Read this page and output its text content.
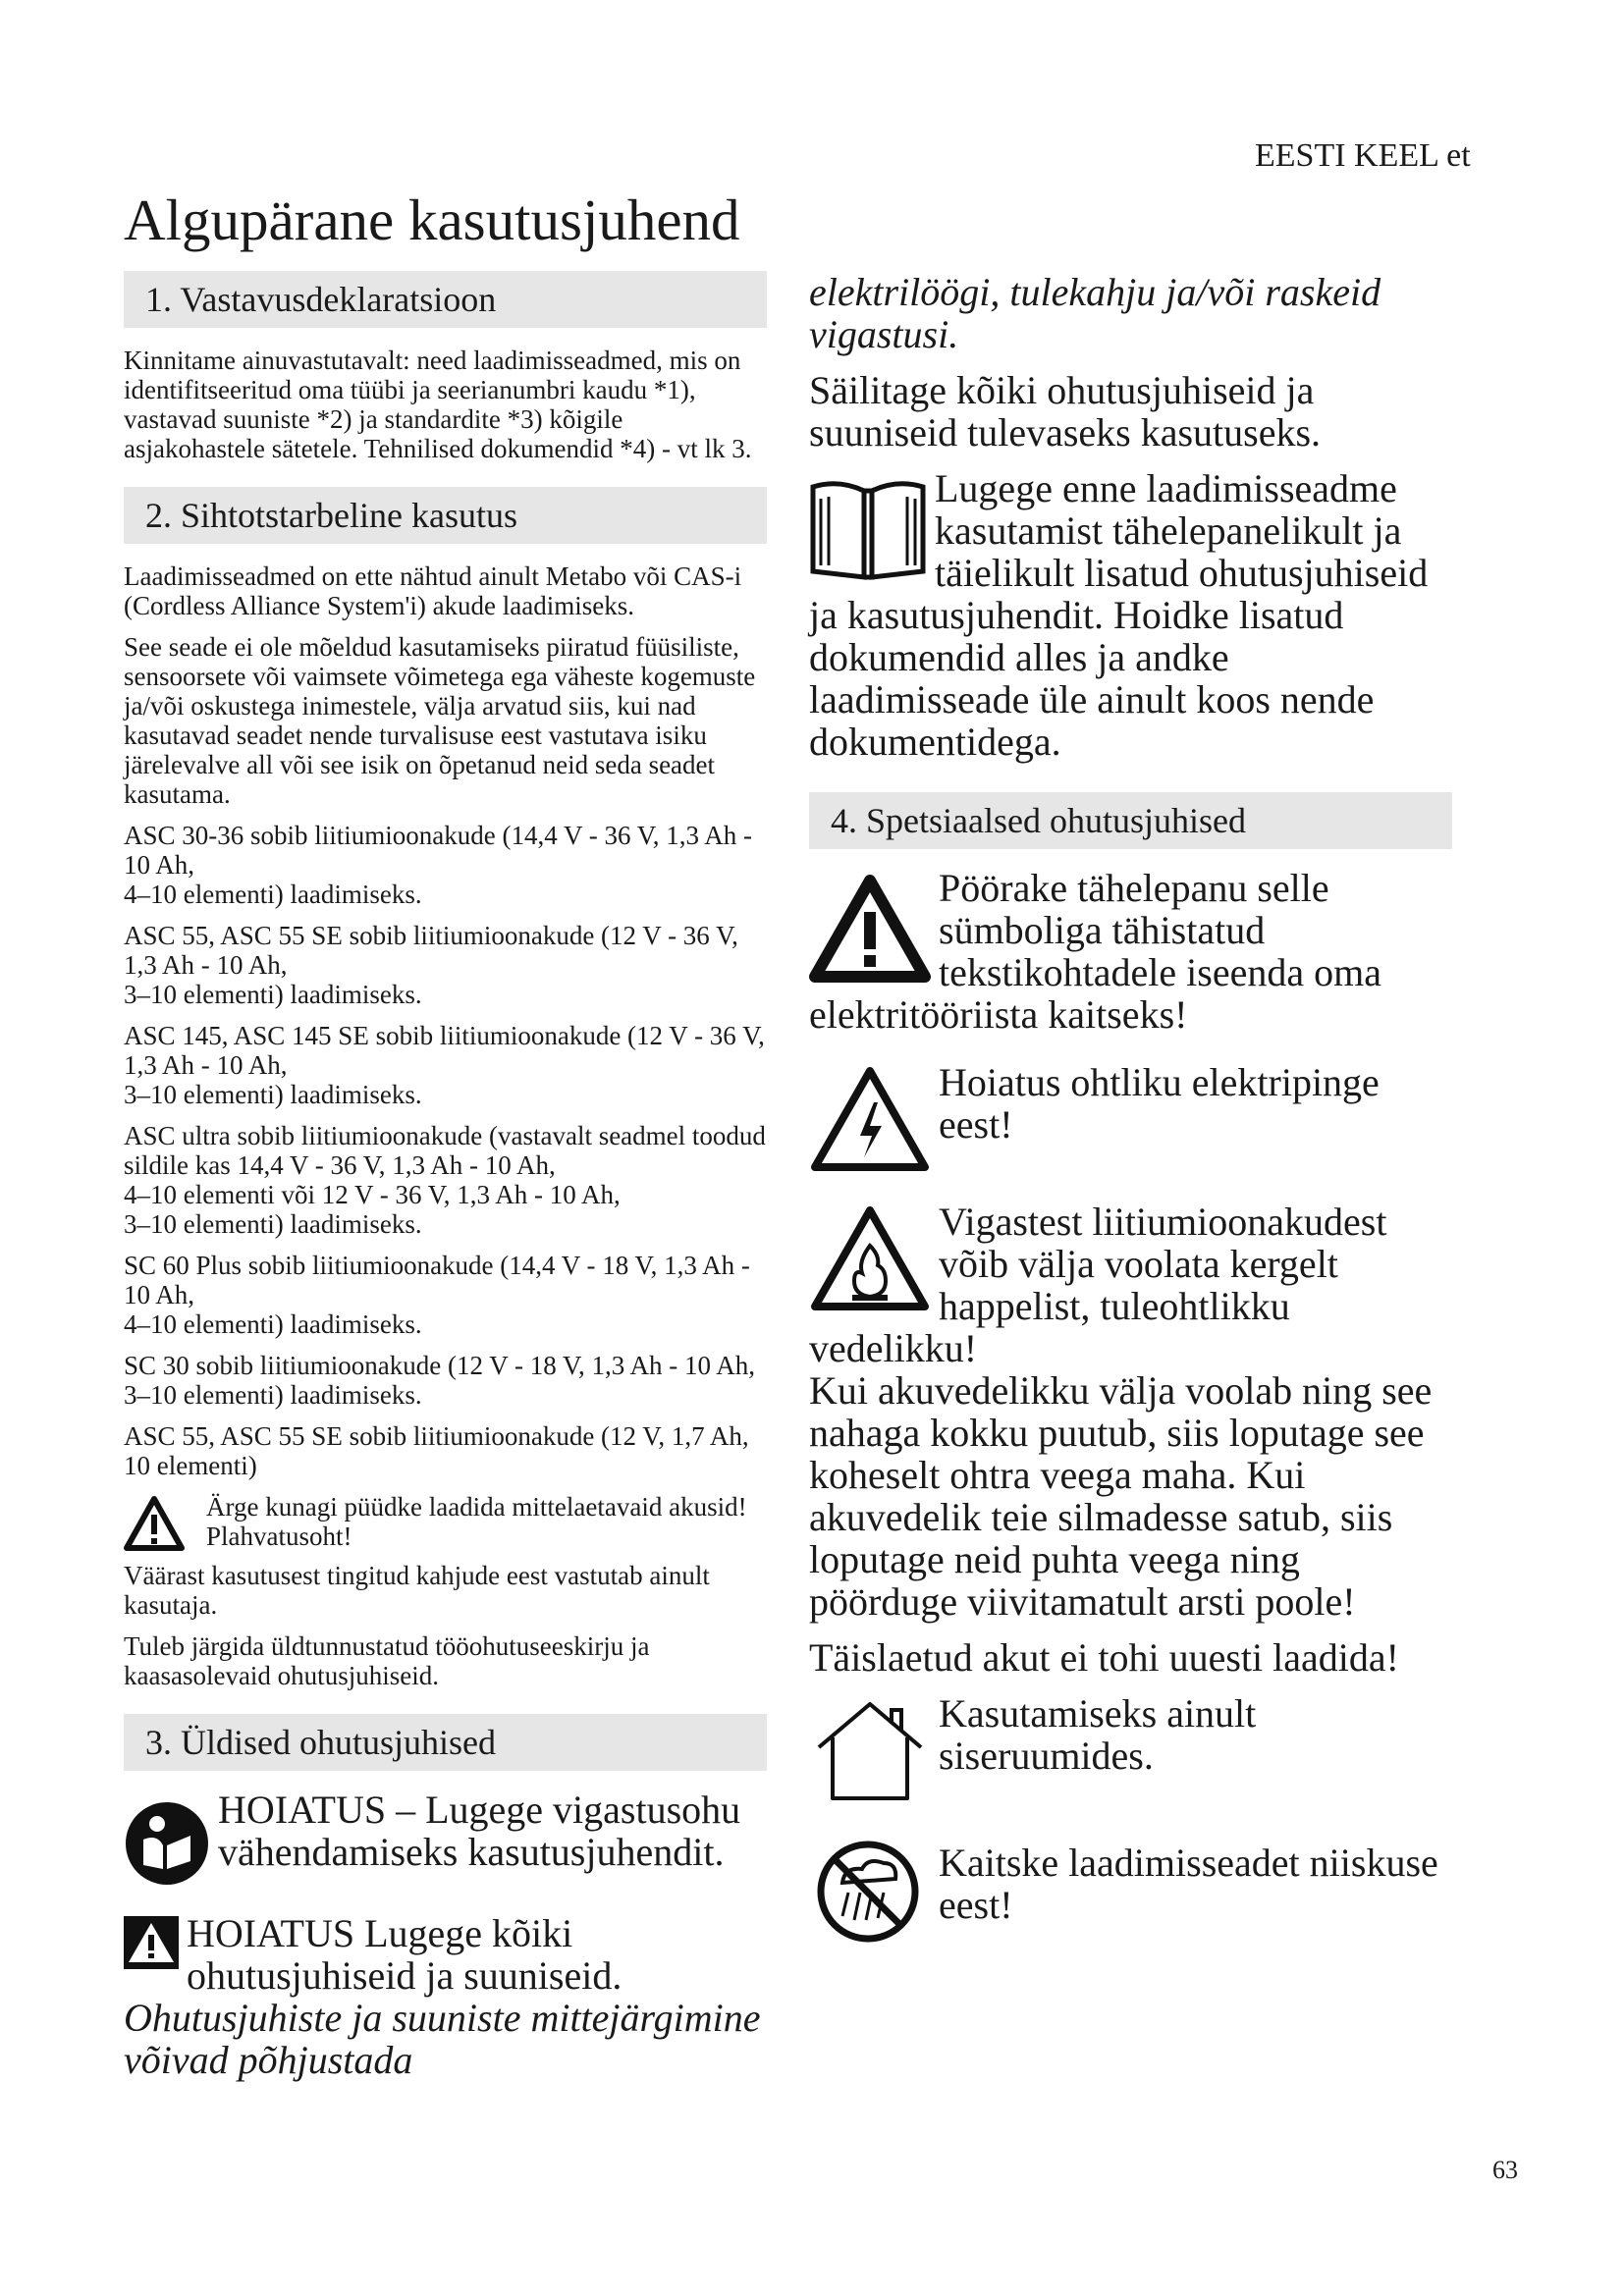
EESTI KEEL et
Algupärane kasutusjuhend
1. Vastavusdeklaratsioon

Kinnitame ainuvastutavalt: need laadimisseadmed, mis on identifitseeritud oma tüübi ja seerianumbri kaudu *1), vastavad suuniste *2) ja standardite *3) kõigile asjakohastele sätetele. Tehnilised dokumendid *4) - vt lk 3.

2. Sihtotstarbeline kasutus

Laadimisseadmed on ette nähtud ainult Metabo või CAS-i (Cordless Alliance System'i) akude laadimiseks.

See seade ei ole mõeldud kasutamiseks piiratud füüsiliste, sensoorsete või vaimsete võimetega ega väheste kogemuste ja/või oskustega inimestele, välja arvatud siis, kui nad kasutavad seadet nende turvalisuse eest vastutava isiku järelevalve all või see isik on õpetanud neid seda seadet kasutama.

ASC 30-36 sobib liitiumioonakude (14,4 V - 36 V, 1,3 Ah - 10 Ah,
4–10 elementi) laadimiseks.

ASC 55, ASC 55 SE sobib liitiumioonakude (12 V - 36 V, 1,3 Ah - 10 Ah,
3–10 elementi) laadimiseks.

ASC 145, ASC 145 SE sobib liitiumioonakude (12 V - 36 V, 1,3 Ah - 10 Ah,
3–10 elementi) laadimiseks.

ASC ultra sobib liitiumioonakude (vastavalt seadmel toodud sildile kas 14,4 V - 36 V, 1,3 Ah - 10 Ah,
4–10 elementi või 12 V - 36 V, 1,3 Ah - 10 Ah,
3–10 elementi) laadimiseks.

SC 60 Plus sobib liitiumioonakude (14,4 V - 18 V, 1,3 Ah - 10 Ah,
4–10 elementi) laadimiseks.

SC 30 sobib liitiumioonakude (12 V - 18 V, 1,3 Ah - 10 Ah, 3–10 elementi) laadimiseks.

ASC 55, ASC 55 SE sobib liitiumioonakude (12 V, 1,7 Ah, 10 elementi)

Ärge kunagi püüdke laadida mittelaetavaid akusid! Plahvatusoht!

Väärast kasutusest tingitud kahjude eest vastutab ainult kasutaja.

Tuleb järgida üldtunnustatud tööohutuseeskirju ja kaasasolevaid ohutusjuhiseid.

3. Üldised ohutusjuhised

HOIATUS – Lugege vigastusohu vähendamiseks kasutusjuhendit.

HOIATUS Lugege kõiki ohutusjuhiseid ja suuniseid.

Ohutusjuhiste ja suuniste mittejärgimine võivad põhjustada

elektrilöögi, tulekahju ja/või raskeid vigastusi.

Säilitage kõiki ohutusjuhiseid ja suuniseid tulevaseks kasutuseks.

Lugege enne laadimisseadme kasutamist tähelepanelikult ja täielikult lisatud ohutusjuhiseid ja kasutusjuhendit. Hoidke lisatud dokumendid alles ja andke laadimisseade üle ainult koos nende dokumentidega.

4. Spetsiaalsed ohutusjuhised

Pöörake tähelepanu selle sümboliga tähistatud tekstikohtadele iseenda oma elektritööriista kaitseks!

Hoiatus ohtliku elektripinge eest!

Vigastest liitiumioonakudest võib välja voolata kergelt happelist, tuleohtlikku vedelikku!

Kui akuvedelikku välja voolab ning see nahaga kokku puutub, siis loputage see koheselt ohtra veega maha. Kui akuvedelik teie silmadesse satub, siis loputage neid puhta veega ning pöörduge viivitamatult arsti poole!

Täislaetud akut ei tohi uuesti laadida!

Kasutamiseks ainult siseruumides.

Kaitske laadimisseadet niiskuse eest!

63
